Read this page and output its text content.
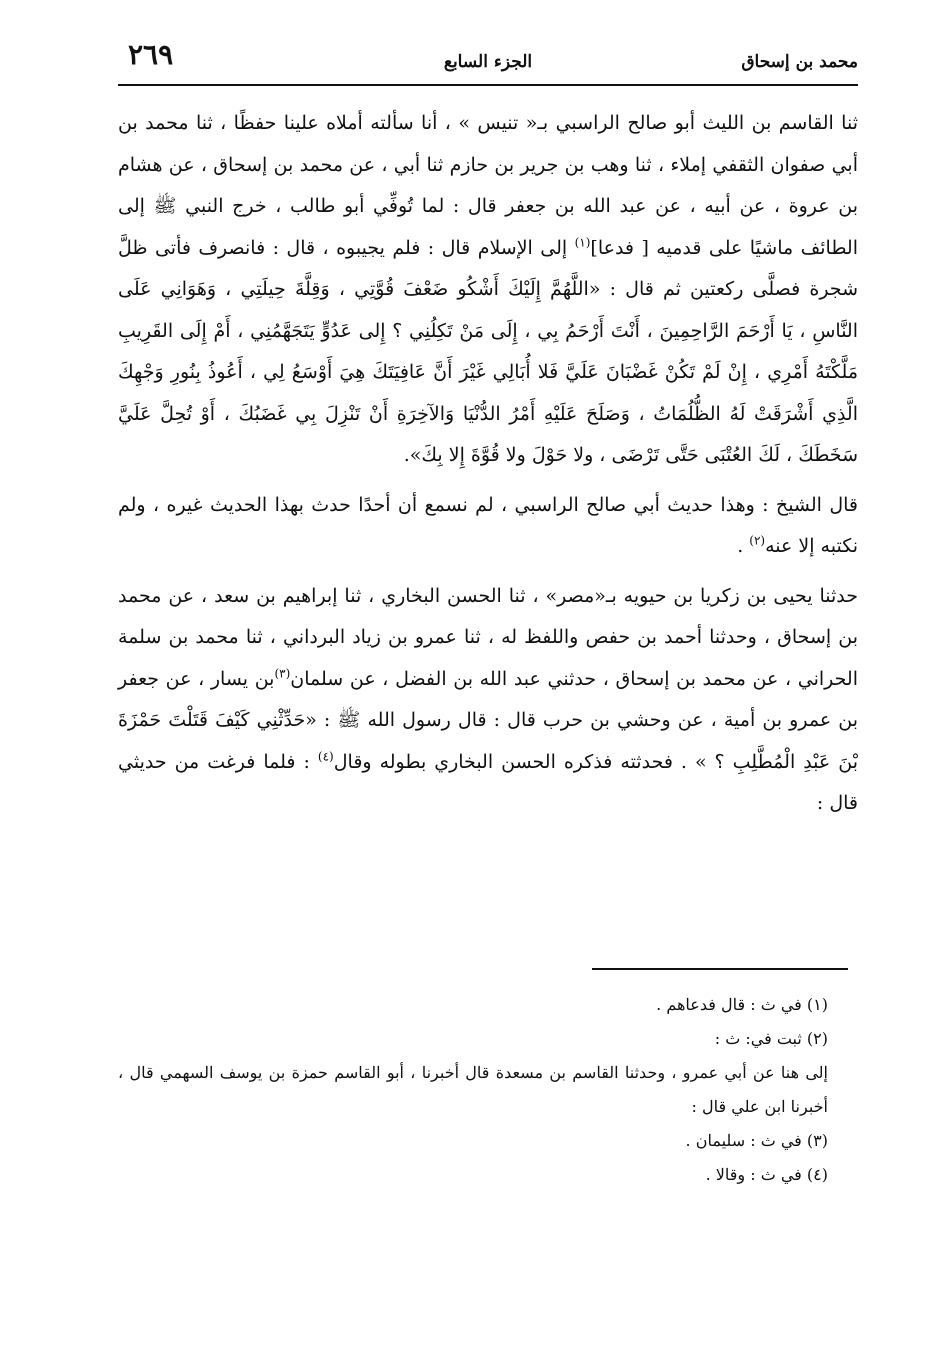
محمد بن إسحاق
الجزء السابع
٢٦٩

ثنا القاسم بن الليث أبو صالح الراسبي بـ« تنيس » ، أنا سألته أملاه علينا حفظًا ، ثنا محمد بن أبي صفوان الثقفي إملاء ، ثنا وهب بن جرير بن حازم ثنا أبي ، عن محمد بن إسحاق ، عن هشام بن عروة ، عن أبيه ، عن عبد الله بن جعفر قال : لما تُوفِّي أبو طالب ، خرج النبي ﷺ إلى الطائف ماشيًا على قدميه [ فدعا]$^{(١)}$ إلى الإسلام قال : فلم يجيبوه ، قال : فانصرف فأتى ظلَّ شجرة فصلَّى ركعتين ثم قال : «اللَّهُمَّ إِلَيْكَ أَشْكُو ضَعْفَ قُوَّتِي ، وَقِلَّةَ حِيلَتِي ، وَهَوَانِي عَلَى النَّاسِ ، يَا أَرْحَمَ الرَّاحِمِينَ ، أَنْتَ أَرْحَمُ بِي ، إِلَى مَنْ تَكِلُنِي ؟ إِلى عَدُوٍّ يَتَجَهَّمُنِي ، أَمْ إِلَى القَرِيبِ مَلَّكْتَهُ أَمْرِي ، إِنْ لَمْ تَكُنْ غَضْبَانَ عَلَيَّ فَلا أُبَالِي غَيْرَ أَنَّ عَافِيَتَكَ هِيَ أَوْسَعُ لِي ، أَعُوذُ بِنُورِ وَجْهِكَ الَّذِي أَشْرَقَتْ لَهُ الظُّلُمَاتُ ، وَصَلَحَ عَلَيْهِ أَمْرُ الدُّنْيَا وَالآخِرَةِ أَنْ تَنْزِلَ بِي غَضَبُكَ ، أَوْ تُحِلَّ عَلَيَّ سَخَطَكَ ، لَكَ العُتْبَى حَتَّى تَرْضَى ، ولا حَوْلَ ولا قُوَّةَ إِلا بِكَ».

قال الشيخ : وهذا حديث أبي صالح الراسبي ، لم نسمع أن أحدًا حدث بهذا الحديث غيره ، ولم نكتبه إلا عنه$^{(٢)}$ .

حدثنا يحيى بن زكريا بن حيويه بـ«مصر» ، ثنا الحسن البخاري ، ثنا إبراهيم بن سعد ، عن محمد بن إسحاق ، وحدثنا أحمد بن حفص واللفظ له ، ثنا عمرو بن زياد البرداني ، ثنا محمد بن سلمة الحراني ، عن محمد بن إسحاق ، حدثني عبد الله بن الفضل ، عن سلمان$^{(٣)}$بن يسار ، عن جعفر بن عمرو بن أمية ، عن وحشي بن حرب قال : قال رسول الله ﷺ : «حَدِّثْنِي كَيْفَ قَتَلْتَ حَمْزَةَ بْنَ عَبْدِ الْمُطَّلِبِ ؟ » . فحدثته فذكره الحسن البخاري بطوله وقال$^{(٤)}$ : فلما فرغت من حديثي قال :

(١) في ث : قال فدعاهم .
(٢) ثبت في: ث :
إلى هنا عن أبي عمرو ، وحدثنا القاسم بن مسعدة قال أخبرنا ، أبو القاسم حمزة بن يوسف السهمي قال ، أخبرنا ابن علي قال :
(٣) في ث : سليمان .
(٤) في ث : وقالا .
